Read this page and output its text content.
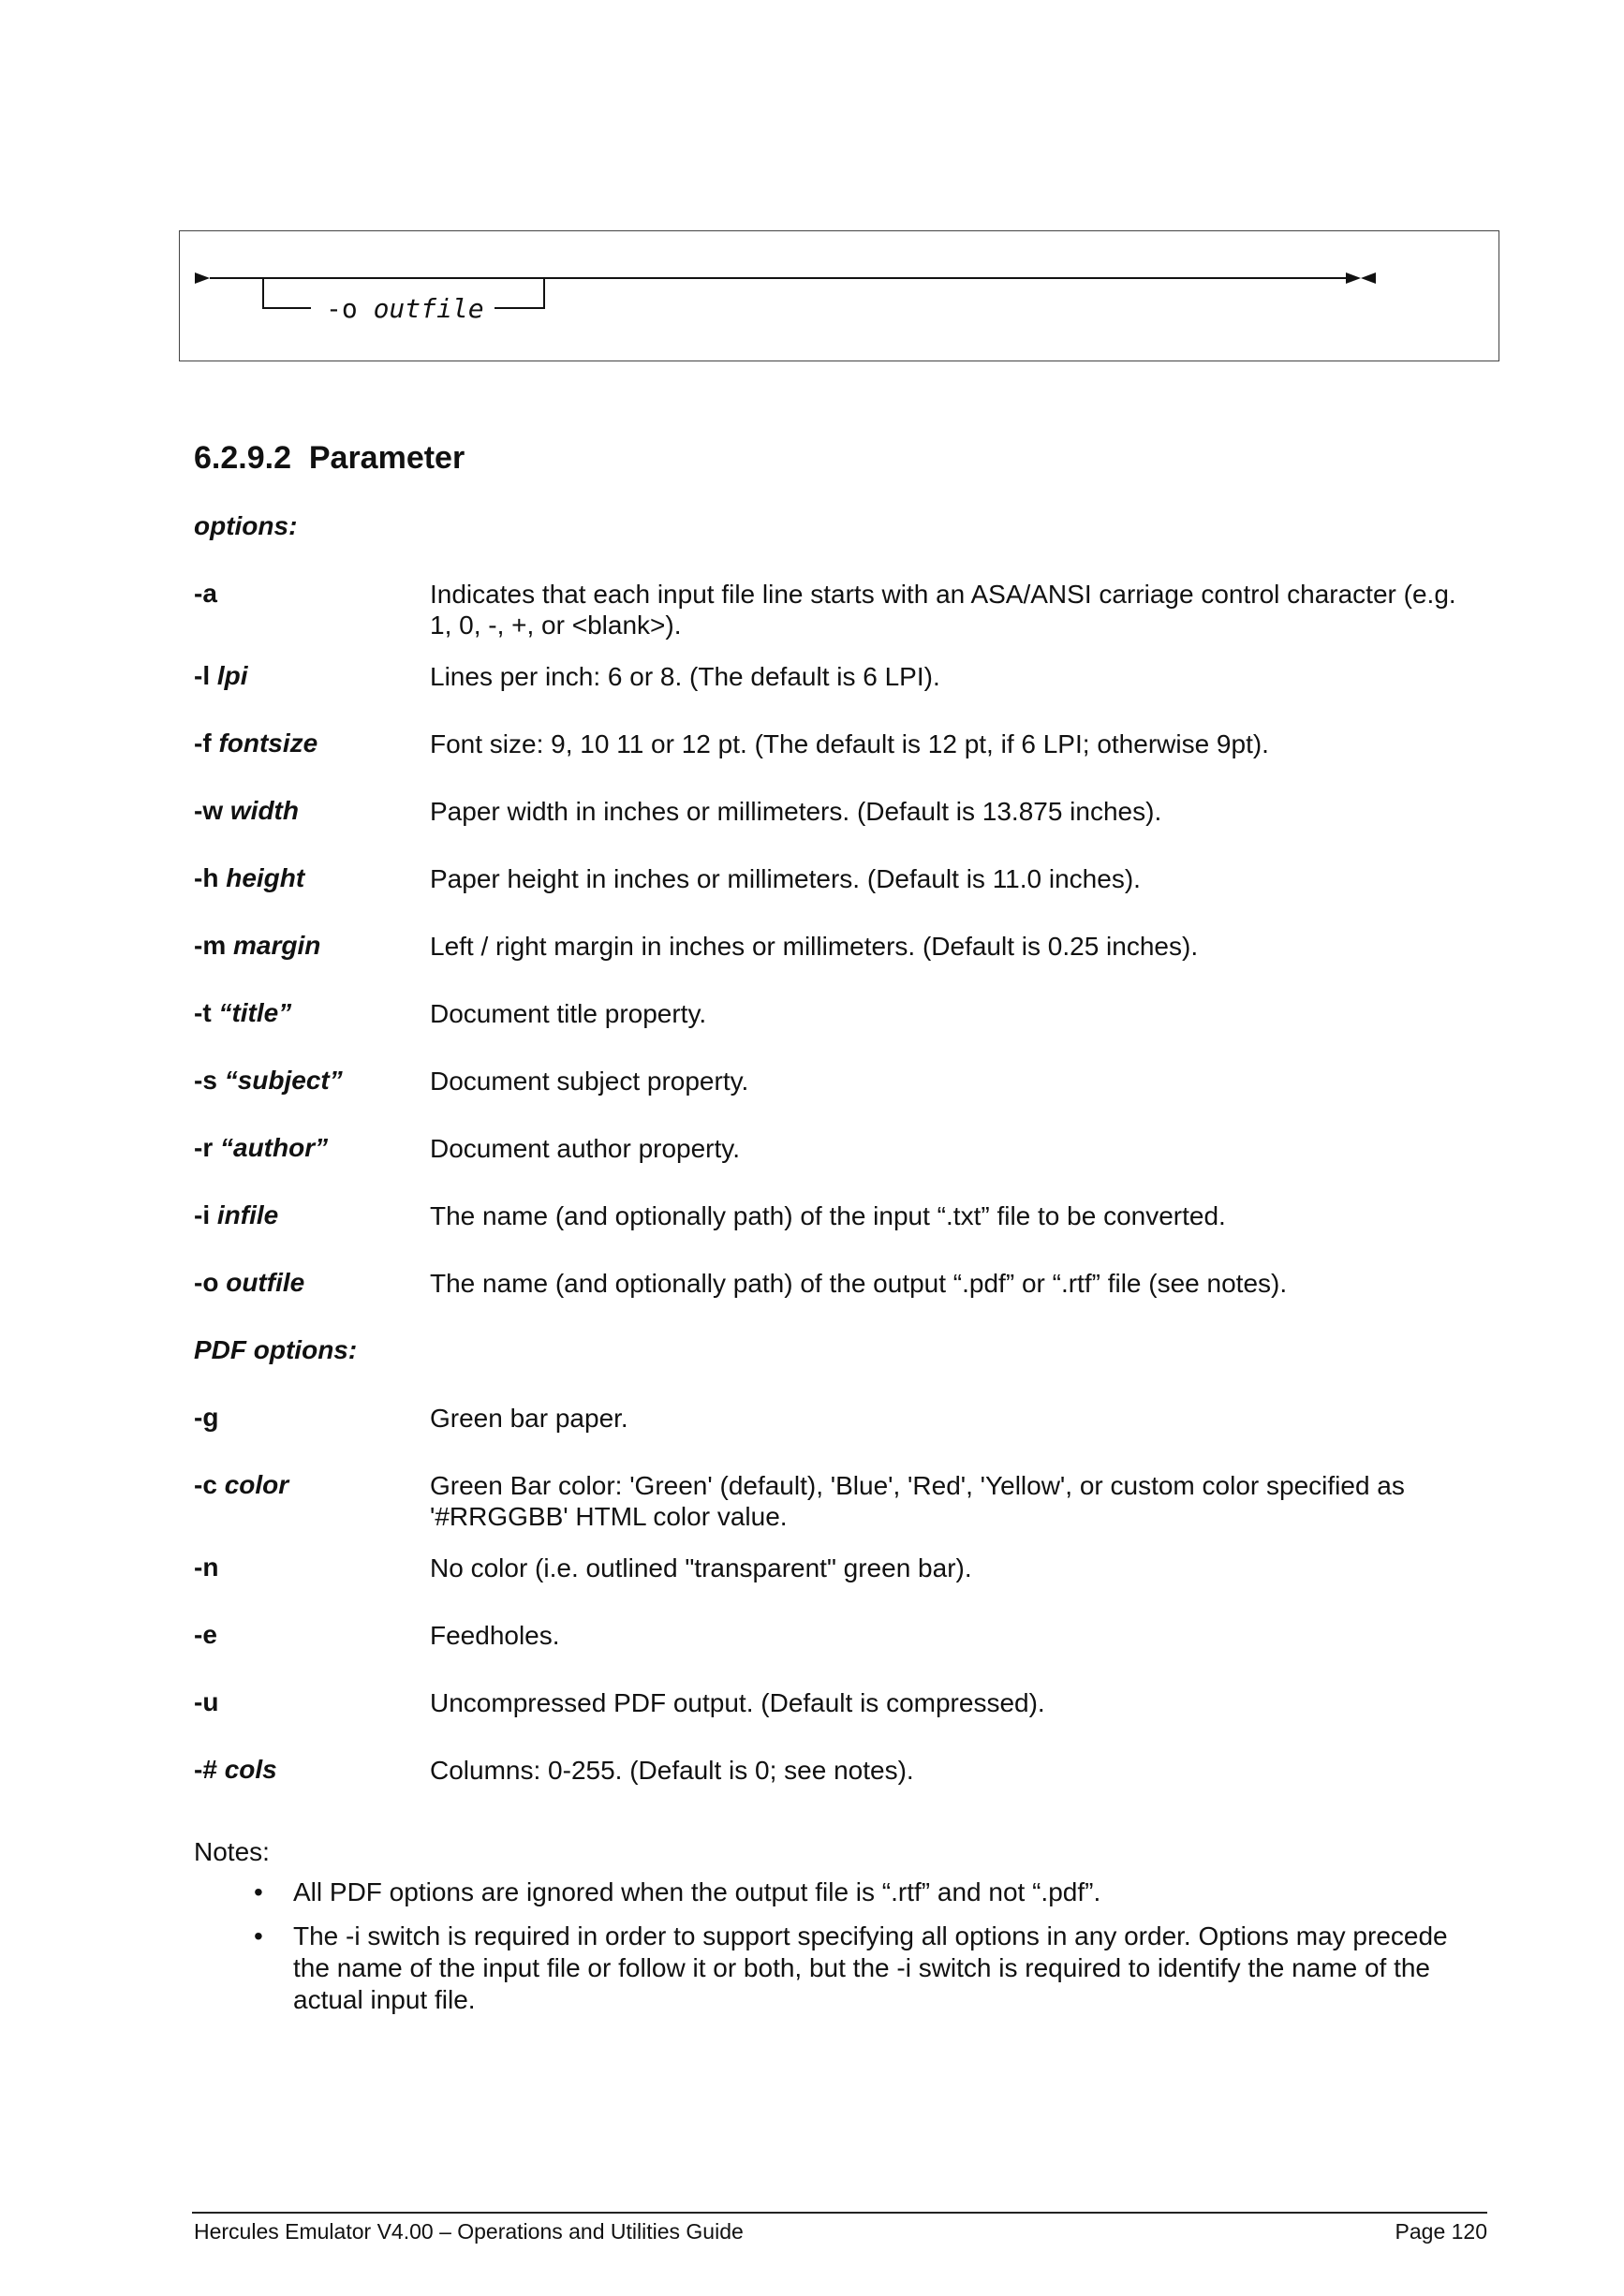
-o outfile
6.2.9.2  Parameter
options:
-a	Indicates that each input file line starts with an ASA/ANSI carriage control character (e.g. 1, 0, -, +, or <blank>).
-l lpi	Lines per inch: 6 or 8. (The default is 6 LPI).
-f fontsize	Font size: 9, 10 11 or 12 pt. (The default is 12 pt, if 6 LPI; otherwise 9pt).
-w width	Paper width in inches or millimeters. (Default is 13.875 inches).
-h height	Paper height in inches or millimeters. (Default is 11.0 inches).
-m margin	Left / right margin in inches or millimeters. (Default is 0.25 inches).
-t “title”	Document title property.
-s “subject”	Document subject property.
-r “author”	Document author property.
-i infile	The name (and optionally path) of the input “.txt” file to be converted.
-o outfile	The name (and optionally path) of the output “.pdf” or “.rtf” file (see notes).
PDF options:
-g	Green bar paper.
-c color	Green Bar color: 'Green' (default), 'Blue', 'Red', 'Yellow', or custom color specified as '#RRGGBB' HTML color value.
-n	No color (i.e. outlined "transparent" green bar).
-e	Feedholes.
-u	Uncompressed PDF output. (Default is compressed).
-# cols	Columns: 0-255. (Default is 0; see notes).
Notes:
• All PDF options are ignored when the output file is “.rtf” and not “.pdf”.
• The -i switch is required in order to support specifying all options in any order. Options may precede the name of the input file or follow it or both, but the -i switch is required to identify the name of the actual input file.
Hercules Emulator V4.00 – Operations and Utilities Guide	Page 120
